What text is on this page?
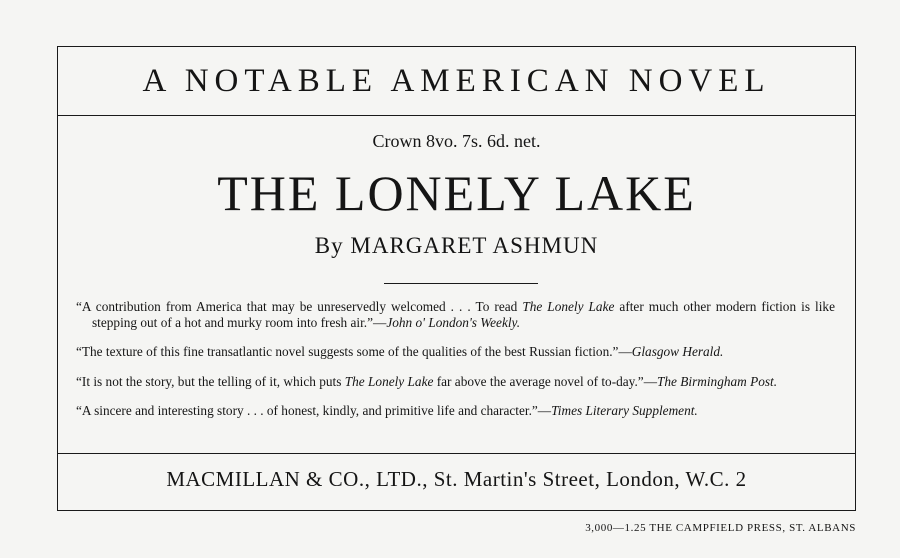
A NOTABLE AMERICAN NOVEL
Crown 8vo. 7s. 6d. net.
THE LONELY LAKE
By MARGARET ASHMUN

“A contribution from America that may be unreservedly welcomed . . . To read The Lonely Lake after much other modern fiction is like stepping out of a hot and murky room into fresh air.”—John o' London's Weekly.

“The texture of this fine transatlantic novel suggests some of the qualities of the best Russian fiction.”—Glasgow Herald.

“It is not the story, but the telling of it, which puts The Lonely Lake far above the average novel of to-day.”—The Birmingham Post.

“A sincere and interesting story . . . of honest, kindly, and primitive life and character.”—Times Literary Supplement.

MACMILLAN & CO., LTD., St. Martin's Street, London, W.C. 2
3,000—1.25 THE CAMPFIELD PRESS, ST. ALBANS
